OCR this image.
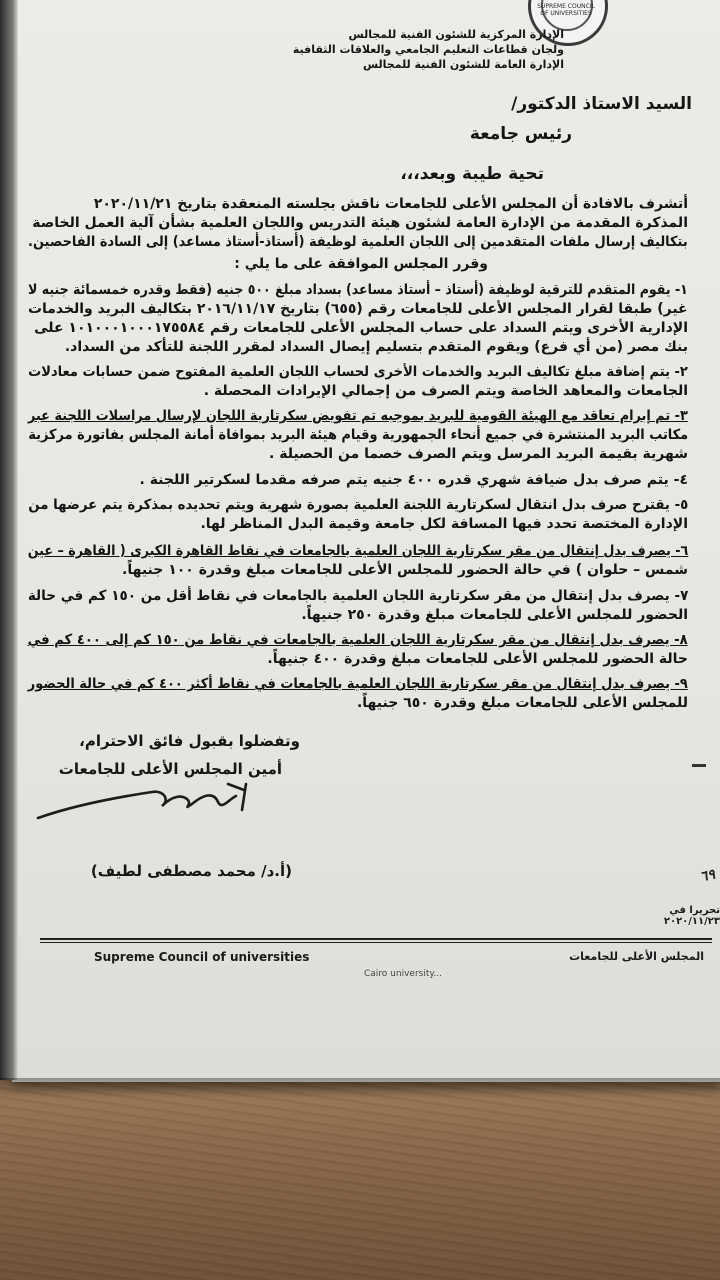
SUPREME COUNCIL OF UNIVERSITIES
الإدارة المركزية للشئون الفنية للمجالس
ولجان قطاعات التعليم الجامعي والعلاقات الثقافية
الإدارة العامة للشئون الفنية للمجالس
السيد الاستاذ الدكتور/
رئيس جامعة
تحية طيبة وبعد،،،
أتشرف بالافادة أن المجلس الأعلى للجامعات ناقش بجلسته المنعقدة بتاريخ ٢٠٢٠/١١/٢١
المذكرة المقدمة من الإدارة العامة لشئون هيئة التدريس واللجان العلمية بشأن آلية العمل الخاصة
بتكاليف إرسال ملفات المتقدمين إلى اللجان العلمية لوظيفة (أستاذ-أستاذ مساعد) إلى السادة الفاحصين.
وقرر المجلس الموافقة على ما يلي :
١- يقوم المتقدم للترقية لوظيفة (أستاذ – أستاذ مساعد) بسداد مبلغ ٥٠٠ جنيه (فقط وقدره خمسمائة جنيه لا
غير) طبقا لقرار المجلس الأعلى للجامعات رقم (٦٥٥) بتاريخ ٢٠١٦/١١/١٧ بتكاليف البريد والخدمات
الإدارية الأخرى ويتم السداد على حساب المجلس الأعلى للجامعات رقم ١٠١٠٠٠١٠٠٠١٧٥٥٨٤ على
بنك مصر (من أي فرع) ويقوم المتقدم بتسليم إيصال السداد لمقرر اللجنة للتأكد من السداد.
٢- يتم إضافة مبلغ تكاليف البريد والخدمات الأخرى لحساب اللجان العلمية المفتوح ضمن حسابات معادلات
الجامعات والمعاهد الخاصة ويتم الصرف من إجمالي الإيرادات المحصلة .
٣- تم إبرام تعاقد مع الهيئة القومية للبريد بموجبه تم تفويض سكرتارية اللجان لإرسال مراسلات اللجنة عبر
مكاتب البريد المنتشرة في جميع أنحاء الجمهورية وقيام هيئة البريد بموافاة أمانة المجلس بفاتورة مركزية
شهرية بقيمة البريد المرسل ويتم الصرف خصما من الحصيلة .
٤- يتم صرف بدل ضيافة شهري قدره ٤٠٠ جنيه يتم صرفه مقدما لسكرتير اللجنة .
٥- يقترح صرف بدل انتقال لسكرتارية اللجنة العلمية بصورة شهرية ويتم تحديده بمذكرة يتم عرضها من
الإدارة المختصة تحدد فيها المسافة لكل جامعة وقيمة البدل المناظر لها.
٦- يصرف بدل إنتقال من مقر سكرتارية اللجان العلمية بالجامعات في نقاط القاهرة الكبرى ( القاهرة – عين
شمس – حلوان ) في حالة الحضور للمجلس الأعلى للجامعات مبلغ وقدرة ١٠٠ جنيهاً.
٧- يصرف بدل إنتقال من مقر سكرتارية اللجان العلمية بالجامعات في نقاط أقل من ١٥٠ كم في حالة
الحضور للمجلس الأعلى للجامعات مبلغ وقدرة ٢٥٠ جنيهاً.
٨- يصرف بدل إنتقال من مقر سكرتارية اللجان العلمية بالجامعات في نقاط من ١٥٠ كم إلى ٤٠٠ كم في
حالة الحضور للمجلس الأعلى للجامعات مبلغ وقدرة ٤٠٠ جنيهاً.
٩- يصرف بدل إنتقال من مقر سكرتارية اللجان العلمية بالجامعات في نقاط أكثر ٤٠٠ كم في حالة الحضور
للمجلس الأعلى للجامعات مبلغ وقدرة ٦٥٠ جنيهاً.
وتفضلوا بقبول فائق الاحترام،
أمين المجلس الأعلى للجامعات
(أ.د/ محمد مصطفى لطيف)	٦٩
تحريرا في ٢٠٢٠/١١/٢٣
Supreme Council of universities	المجلس الأعلى للجامعات
Cairo university...
